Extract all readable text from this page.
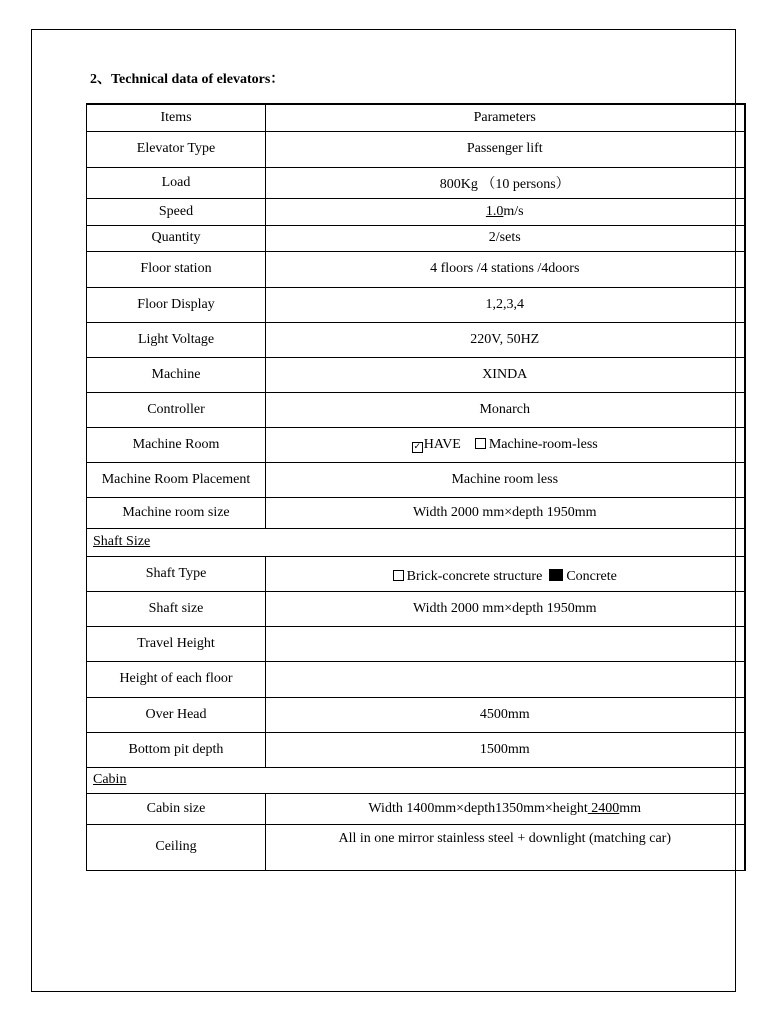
2、Technical data of elevators：
Items	Parameters
Elevator Type	Passenger lift
Load	800Kg （10 persons）
Speed	1.0m/s
Quantity	2/sets
Floor station	4 floors /4 stations /4doors
Floor Display	1,2,3,4
Light Voltage	220V, 50HZ
Machine	XINDA
Controller	Monarch
Machine Room	✓ HAVE Machine-room-less
Machine Room Placement	Machine room less
Machine room size	Width 2000 mm×depth 1950mm
Shaft Size	
Shaft Type	Brick-concrete structure Concrete
Shaft size	Width 2000 mm×depth 1950mm
Travel Height	
Height of each floor	
Over Head	4500mm
Bottom pit depth	1500mm
Cabin	
Cabin size	Width 1400mm×depth1350mm×height 2400mm
Ceiling	All in one mirror stainless steel + downlight (matching car)
